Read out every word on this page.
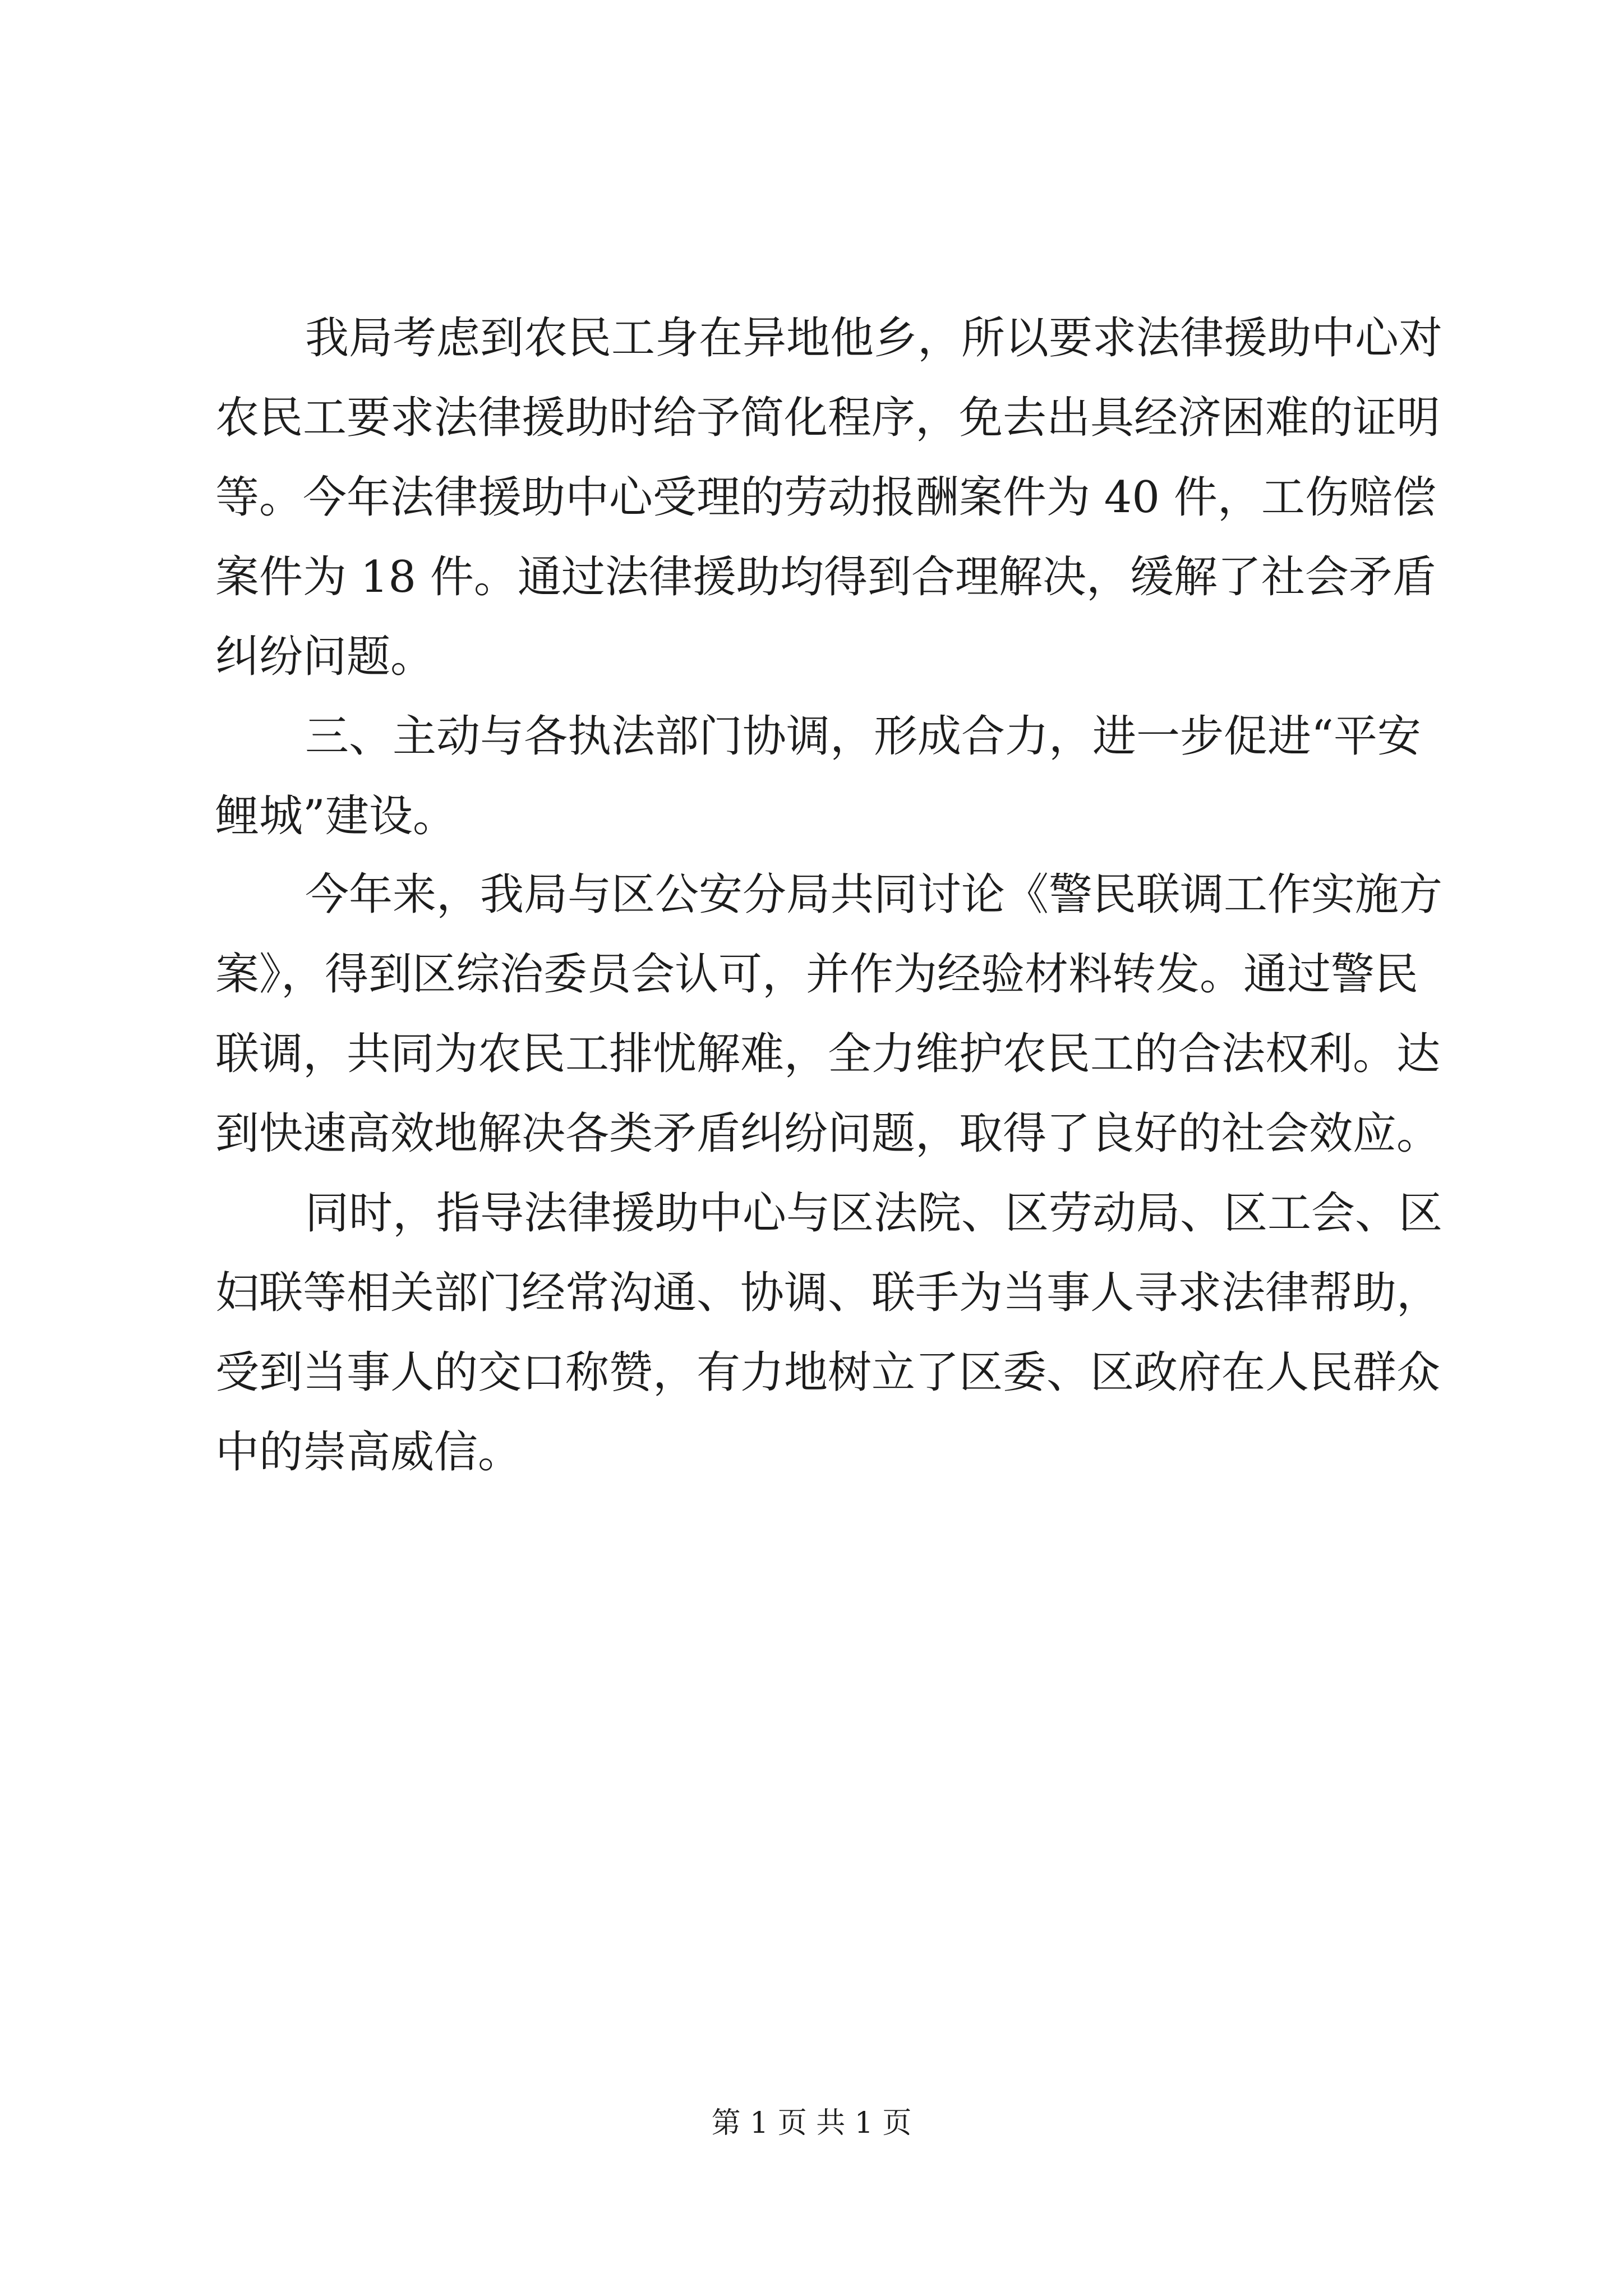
我局考虑到农民工身在异地他乡，所以要求法律援助中心对
农民工要求法律援助时给予简化程序，免去出具经济困难的证明
等。今年法律援助中心受理的劳动报酬案件为 40 件，工伤赔偿
案件为 18 件。通过法律援助均得到合理解决，缓解了社会矛盾
纠纷问题。
三、主动与各执法部门协调，形成合力，进一步促进“平安
鲤城”建设。
今年来，我局与区公安分局共同讨论《警民联调工作实施方
案》，得到区综治委员会认可，并作为经验材料转发。通过警民
联调，共同为农民工排忧解难，全力维护农民工的合法权利。达
到快速高效地解决各类矛盾纠纷问题，取得了良好的社会效应。
同时，指导法律援助中心与区法院、区劳动局、区工会、区
妇联等相关部门经常沟通、协调、联手为当事人寻求法律帮助，
受到当事人的交口称赞，有力地树立了区委、区政府在人民群众
中的崇高威信。
第 1 页 共 1 页
